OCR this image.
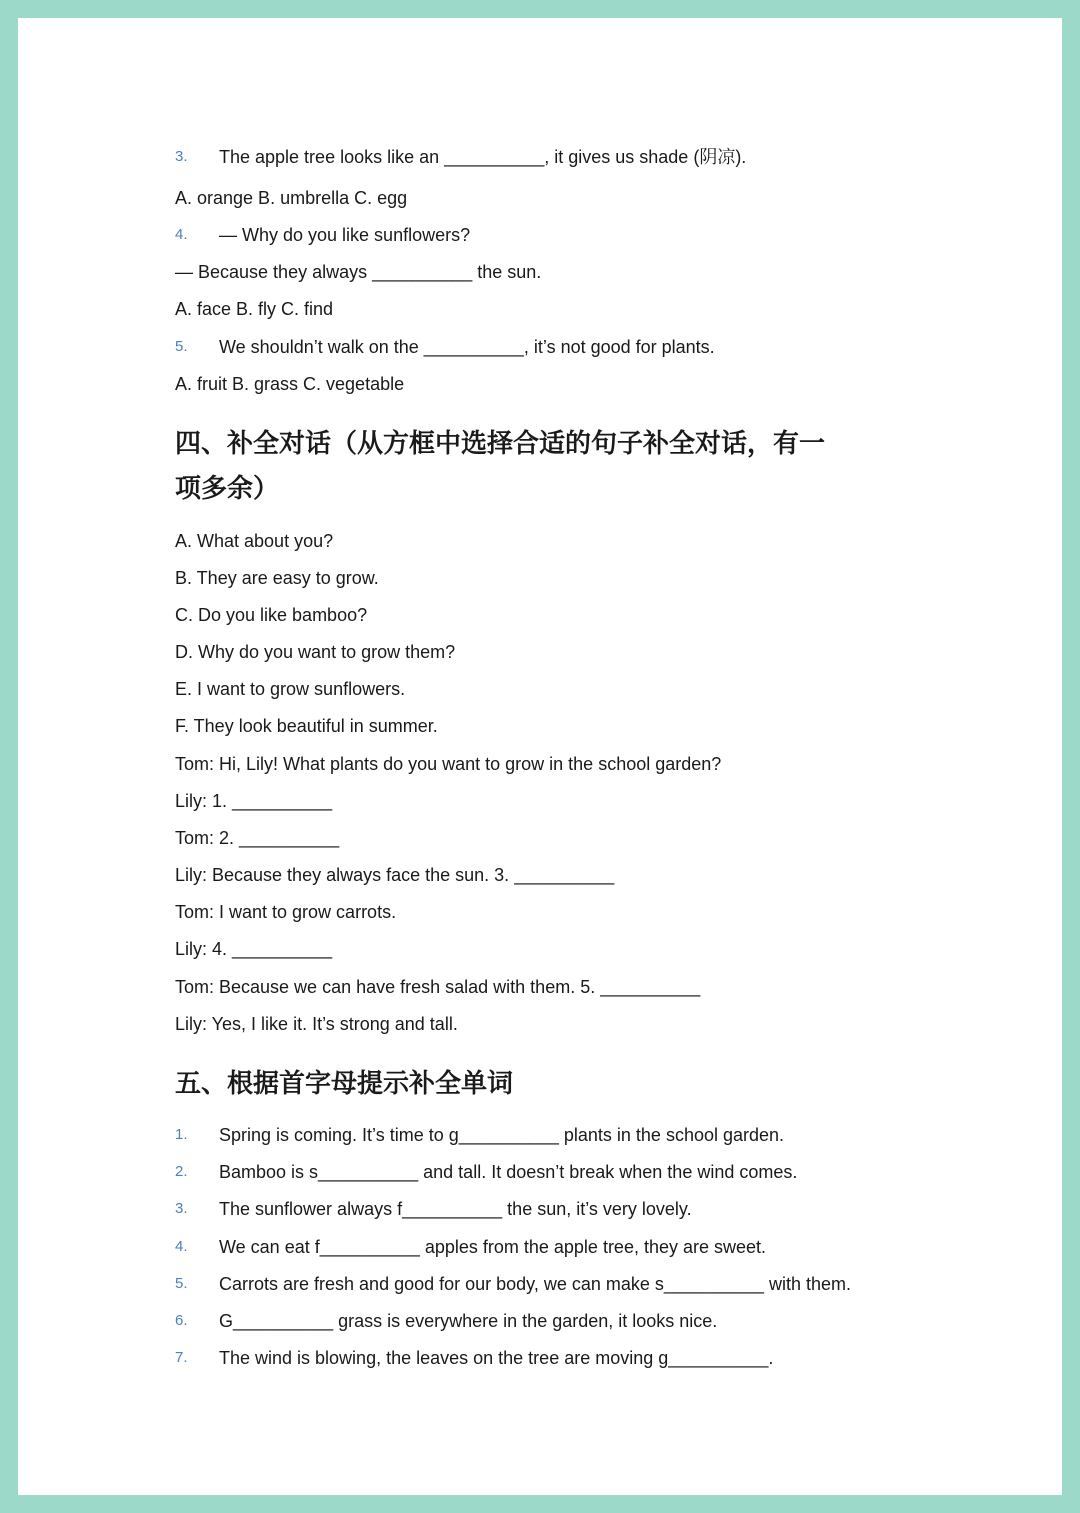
3.	The apple tree looks like an __________, it gives us shade (阴凉).
A. orange B. umbrella C. egg
4.	— Why do you like sunflowers?
— Because they always __________ the sun.
A. face B. fly C. find
5.	We shouldn’t walk on the __________, it’s not good for plants.
A. fruit B. grass C. vegetable
四、补全对话（从方框中选择合适的句子补全对话，有一
项多余）
A. What about you?
B. They are easy to grow.
C. Do you like bamboo?
D. Why do you want to grow them?
E. I want to grow sunflowers.
F. They look beautiful in summer.
Tom: Hi, Lily! What plants do you want to grow in the school garden?
Lily: 1. __________
Tom: 2. __________
Lily: Because they always face the sun. 3. __________
Tom: I want to grow carrots.
Lily: 4. __________
Tom: Because we can have fresh salad with them. 5. __________
Lily: Yes, I like it. It’s strong and tall.
五、根据首字母提示补全单词
1.	Spring is coming. It’s time to g__________ plants in the school garden.
2.	Bamboo is s__________ and tall. It doesn’t break when the wind comes.
3.	The sunflower always f__________ the sun, it’s very lovely.
4.	We can eat f__________ apples from the apple tree, they are sweet.
5.	Carrots are fresh and good for our body, we can make s__________ with them.
6.	G__________ grass is everywhere in the garden, it looks nice.
7.	The wind is blowing, the leaves on the tree are moving g__________.
